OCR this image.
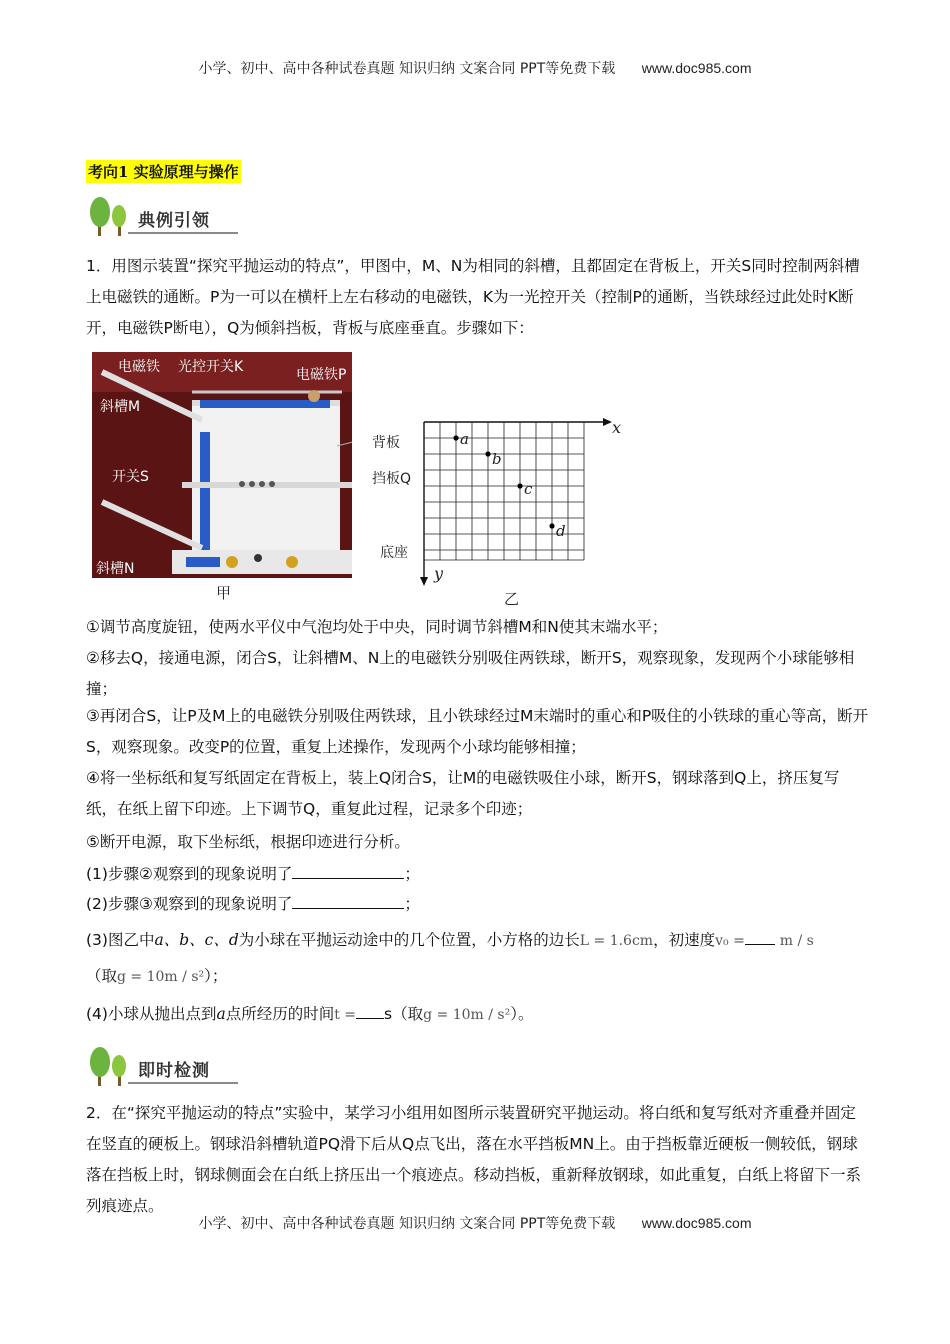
小学、初中、高中各种试卷真题 知识归纳 文案合同 PPT等免费下载 www.doc985.com
考向1 实验原理与操作
典例引领
1．用图示装置“探究平抛运动的特点”，甲图中，M、N为相同的斜槽，且都固定在背板上，开关S同时控制两斜槽上电磁铁的通断。P为一可以在横杆上左右移动的电磁铁，K为一光控开关（控制P的通断，当铁球经过此处时K断开，电磁铁P断电），Q为倾斜挡板，背板与底座垂直。步骤如下：
电磁铁 光控开关K	电磁铁P
斜槽M
开关S
斜槽N
背板
挡板Q
底座
甲
x
y
a
b
c
d
乙
①调节高度旋钮，使两水平仪中气泡均处于中央，同时调节斜槽M和N使其末端水平；
②移去Q，接通电源，闭合S，让斜槽M、N上的电磁铁分别吸住两铁球，断开S，观察现象，发现两个小球能够相撞；
③再闭合S，让P及M上的电磁铁分别吸住两铁球，且小铁球经过M末端时的重心和P吸住的小铁球的重心等高，断开S，观察现象。改变P的位置，重复上述操作，发现两个小球均能够相撞；
④将一坐标纸和复写纸固定在背板上，装上Q闭合S，让M的电磁铁吸住小球，断开S，钢球落到Q上，挤压复写纸，在纸上留下印迹。上下调节Q，重复此过程，记录多个印迹；
⑤断开电源，取下坐标纸，根据印迹进行分析。
(1)步骤②观察到的现象说明了	；
(2)步骤③观察到的现象说明了	；
(3)图乙中a、b、c、d为小球在平抛运动途中的几个位置，小方格的边长L = 1.6cm，初速度v₀ = m / s
（取g = 10m / s²）；
(4)小球从抛出点到a点所经历的时间t = s（取g = 10m / s²）。
即时检测
2．在“探究平抛运动的特点”实验中，某学习小组用如图所示装置研究平抛运动。将白纸和复写纸对齐重叠并固定在竖直的硬板上。钢球沿斜槽轨道PQ滑下后从Q点飞出，落在水平挡板MN上。由于挡板靠近硬板一侧较低，钢球落在挡板上时，钢球侧面会在白纸上挤压出一个痕迹点。移动挡板，重新释放钢球，如此重复，白纸上将留下一系列痕迹点。
小学、初中、高中各种试卷真题 知识归纳 文案合同 PPT等免费下载 www.doc985.com
